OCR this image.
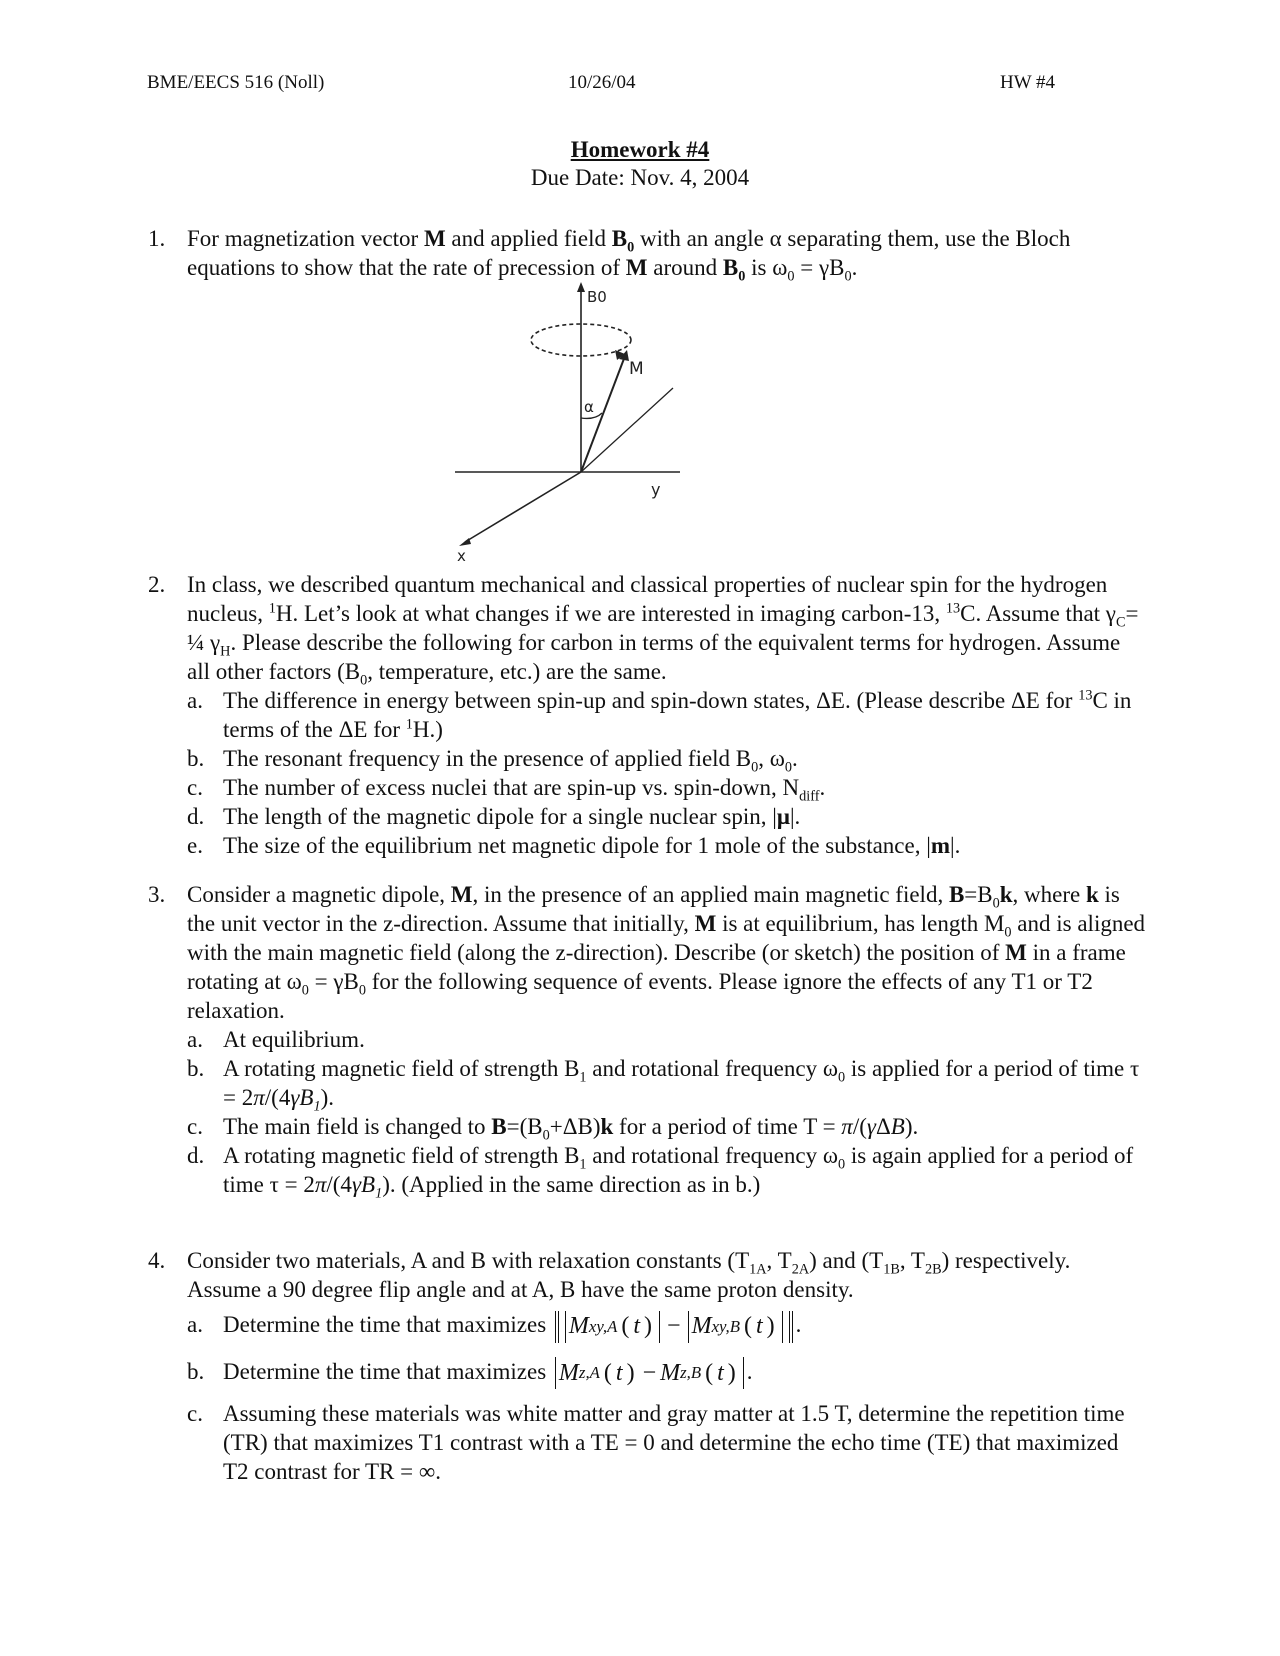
BME/EECS 516 (Noll)	10/26/04	HW #4
Homework #4
Due Date: Nov. 4, 2004
1. For magnetization vector M and applied field $B_0$ with an angle α separating them, use the Bloch equations to show that the rate of precession of M around $B_0$ is $\omega_0 = \gamma B_0$.
B0
M
α
y
x
2. In class, we described quantum mechanical and classical properties of nuclear spin for the hydrogen nucleus, $^1$H. Let’s look at what changes if we are interested in imaging carbon-13, $^{13}$C. Assume that $\gamma_C=$ ¼ $\gamma_H$. Please describe the following for carbon in terms of the equivalent terms for hydrogen. Assume all other factors ($B_0$, temperature, etc.) are the same.
a. The difference in energy between spin-up and spin-down states, ΔE. (Please describe ΔE for $^{13}$C in terms of the ΔE for $^1$H.)
b. The resonant frequency in the presence of applied field $B_0$, $\omega_0$.
c. The number of excess nuclei that are spin-up vs. spin-down, $N_{diff}$.
d. The length of the magnetic dipole for a single nuclear spin, |μ|.
e. The size of the equilibrium net magnetic dipole for 1 mole of the substance, |m|.
3. Consider a magnetic dipole, M, in the presence of an applied main magnetic field, $B=B_0k$, where k is the unit vector in the z-direction. Assume that initially, M is at equilibrium, has length $M_0$ and is aligned with the main magnetic field (along the z-direction). Describe (or sketch) the position of M in a frame rotating at $\omega_0 = \gamma B_0$ for the following sequence of events. Please ignore the effects of any T1 or T2 relaxation.
a. At equilibrium.
b. A rotating magnetic field of strength $B_1$ and rotational frequency $\omega_0$ is applied for a period of time $\tau = 2\pi/(4\gamma B_1)$.
c. The main field is changed to $B=(B_0+\Delta B)k$ for a period of time T = π/(γΔB).
d. A rotating magnetic field of strength $B_1$ and rotational frequency $\omega_0$ is again applied for a period of time $\tau = 2\pi/(4\gamma B_1)$. (Applied in the same direction as in b.)
4. Consider two materials, A and B with relaxation constants ($T_{1A}$, $T_{2A}$) and ($T_{1B}$, $T_{2B}$) respectively. Assume a 90 degree flip angle and at A, B have the same proton density.
a. Determine the time that maximizes
M xy,A ( t ) − M xy,B ( t ) .
b. Determine the time that maximizes
M z,A ( t ) − M z,B ( t ) .
c. Assuming these materials was white matter and gray matter at 1.5 T, determine the repetition time (TR) that maximizes T1 contrast with a TE = 0 and determine the echo time (TE) that maximized T2 contrast for TR = ∞.
